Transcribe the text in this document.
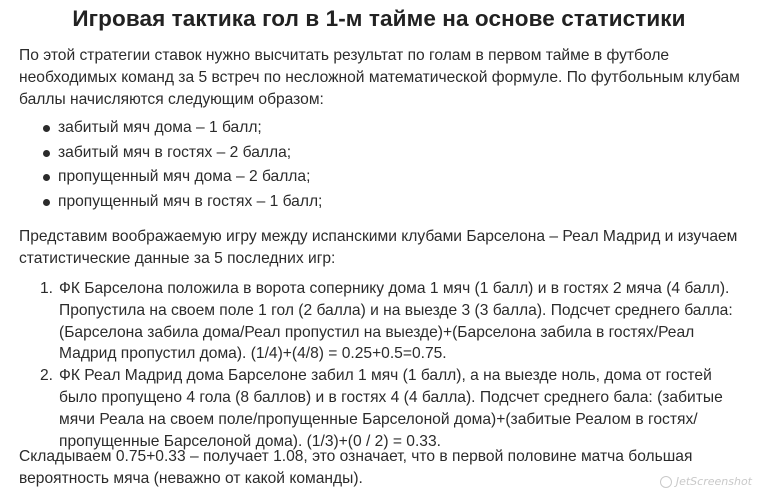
Игровая тактика гол в 1-м тайме на основе статистики

По этой стратегии ставок нужно высчитать результат по голам в первом тайме в футболе необходимых команд за 5 встреч по несложной математической формуле. По футбольным клубам баллы начисляются следующим образом:

забитый мяч дома – 1 балл;
забитый мяч в гостях – 2 балла;
пропущенный мяч дома – 2 балла;
пропущенный мяч в гостях – 1 балл;

Представим воображаемую игру между испанскими клубами Барселона – Реал Мадрид и изучаем статистические данные за 5 последних игр:

1. ФК Барселона положила в ворота сопернику дома 1 мяч (1 балл) и в гостях 2 мяча (4 балл). Пропустила на своем поле 1 гол (2 балла) и на выезде 3 (3 балла). Подсчет среднего балла: (Барселона забила дома/Реал пропустил на выезде)+(Барселона забила в гостях/Реал Мадрид пропустил дома). (1/4)+(4/8) = 0.25+0.5=0.75.
2. ФК Реал Мадрид дома Барселоне забил 1 мяч (1 балл), а на выезде ноль, дома от гостей было пропущено 4 гола (8 баллов) и в гостях 4 (4 балла). Подсчет среднего бала: (забитые мячи Реала на своем поле/пропущенные Барселоной дома)+(забитые Реалом в гостях/ пропущенные Барселоной дома). (1/3)+(0 / 2) = 0.33.

Складываем 0.75+0.33 – получает 1.08, это означает, что в первой половине матча большая вероятность мяча (неважно от какой команды).	JetScreenshot
